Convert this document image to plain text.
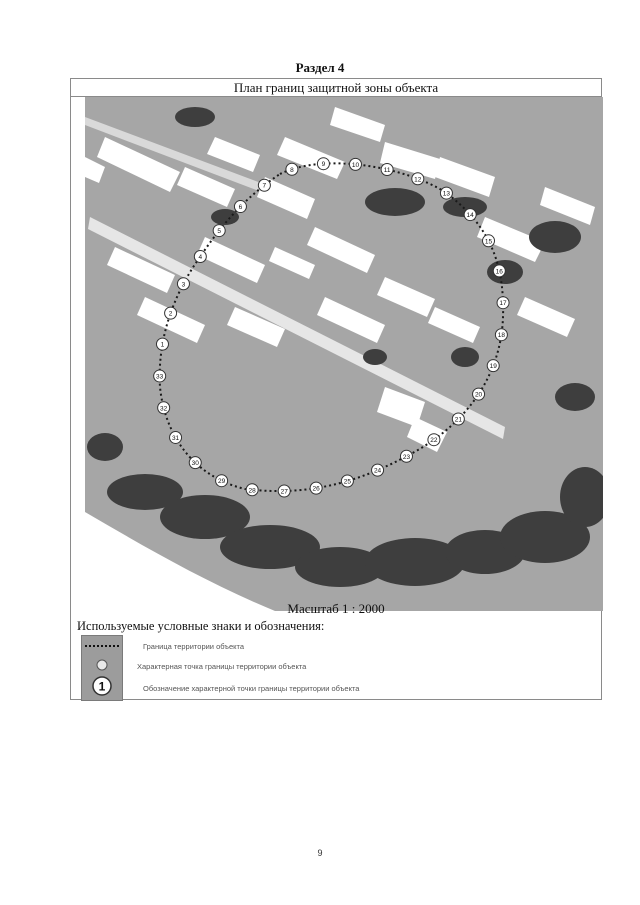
Раздел 4
План границ защитной зоны объекта
1
2
3
4
5
6
7
8
9	10
11
12
13
14
15
16
17
18
19
20
21
22
23
24
25
26
27
28
29
30
31
32
33
Масштаб 1 : 2000
Используемые условные знаки и обозначения:
1
Граница территории объекта
Характерная точка границы территории объекта
Обозначение характерной точки границы территории объекта
9
